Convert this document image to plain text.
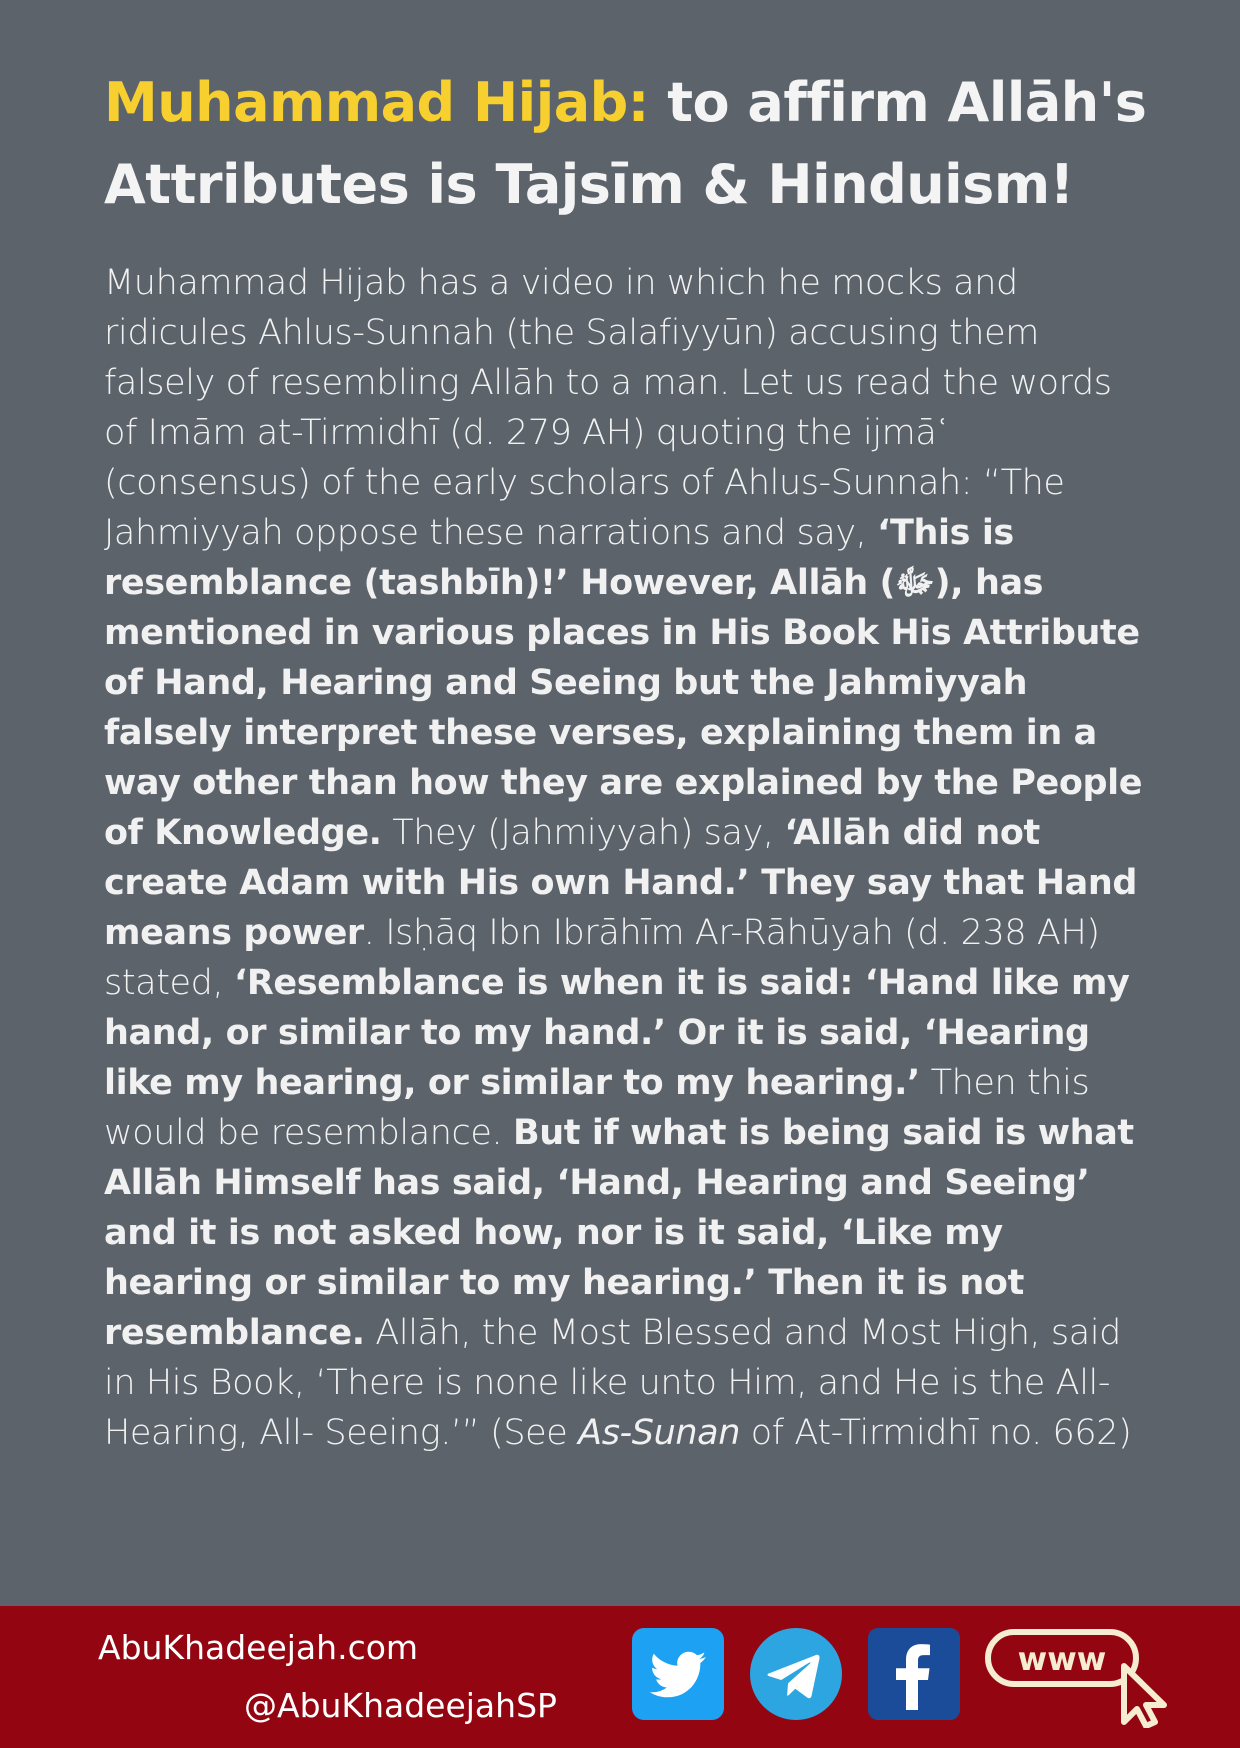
Muhammad Hijab: to affirm Allāh's Attributes is Tajsīm & Hinduism!

Muhammad Hijab has a video in which he mocks and ridicules Ahlus-Sunnah (the Salafiyyūn) accusing them falsely of resembling Allāh to a man. Let us read the words of Imām at-Tirmidhī (d. 279 AH) quoting the ijmāʿ (consensus) of the early scholars of Ahlus-Sunnah: “The Jahmiyyah oppose these narrations and say, ‘This is resemblance (tashbīh)!’ However, Allāh (ﷻ), has mentioned in various places in His Book His Attribute of Hand, Hearing and Seeing but the Jahmiyyah falsely interpret these verses, explaining them in a way other than how they are explained by the People of Knowledge. They (Jahmiyyah) say, ‘Allāh did not create Adam with His own Hand.’ They say that Hand means power. Isḥāq Ibn Ibrāhīm Ar-Rāhūyah (d. 238 AH) stated, ‘Resemblance is when it is said: ‘Hand like my hand, or similar to my hand.’ Or it is said, ‘Hearing like my hearing, or similar to my hearing.’ Then this would be resemblance. But if what is being said is what Allāh Himself has said, ‘Hand, Hearing and Seeing’ and it is not asked how, nor is it said, ‘Like my hearing or similar to my hearing.’ Then it is not resemblance. Allāh, the Most Blessed and Most High, said in His Book, ‘There is none like unto Him, and He is the All-Hearing, All- Seeing.’” (See As-Sunan of At-Tirmidhī no. 662)

AbuKhadeejah.com
@AbuKhadeejahSP
www
